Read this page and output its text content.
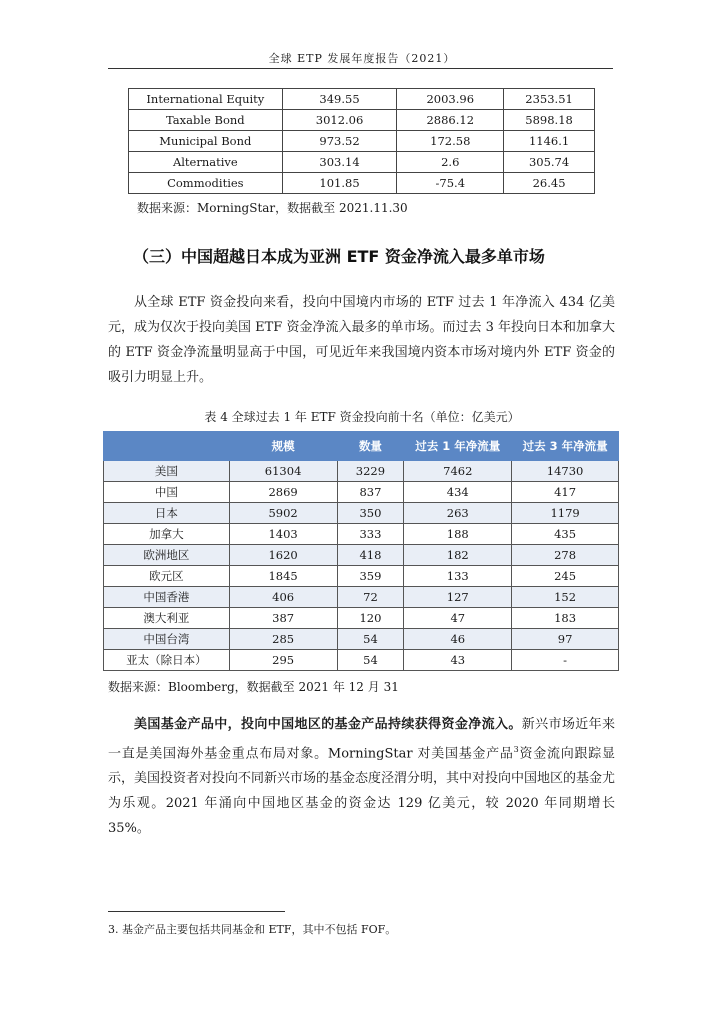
全球 ETP 发展年度报告（2021）
International Equity	349.55	2003.96	2353.51
Taxable Bond	3012.06	2886.12	5898.18
Municipal Bond	973.52	172.58	1146.1
Alternative	303.14	2.6	305.74
Commodities	101.85	-75.4	26.45
数据来源：MorningStar，数据截至 2021.11.30
（三）中国超越日本成为亚洲 ETF 资金净流入最多单市场

从全球 ETF 资金投向来看，投向中国境内市场的 ETF 过去 1 年净流入 434 亿美元，成为仅次于投向美国 ETF 资金净流入最多的单市场。而过去 3 年投向日本和加拿大的 ETF 资金净流量明显高于中国，可见近年来我国境内资本市场对境内外 ETF 资金的吸引力明显上升。

表 4 全球过去 1 年 ETF 资金投向前十名（单位：亿美元）
	规模	数量	过去 1 年净流量	过去 3 年净流量
美国	61304	3229	7462	14730
中国	2869	837	434	417
日本	5902	350	263	1179
加拿大	1403	333	188	435
欧洲地区	1620	418	182	278
欧元区	1845	359	133	245
中国香港	406	72	127	152
澳大利亚	387	120	47	183
中国台湾	285	54	46	97
亚太（除日本）	295	54	43	-
数据来源：Bloomberg，数据截至 2021 年 12 月 31

美国基金产品中，投向中国地区的基金产品持续获得资金净流入。新兴市场近年来一直是美国海外基金重点布局对象。MorningStar 对美国基金产品$^3$资金流向跟踪显示，美国投资者对投向不同新兴市场的基金态度泾渭分明，其中对投向中国地区的基金尤为乐观。2021 年涌向中国地区基金的资金达 129 亿美元，较 2020 年同期增长 35%。

3. 基金产品主要包括共同基金和 ETF，其中不包括 FOF。
